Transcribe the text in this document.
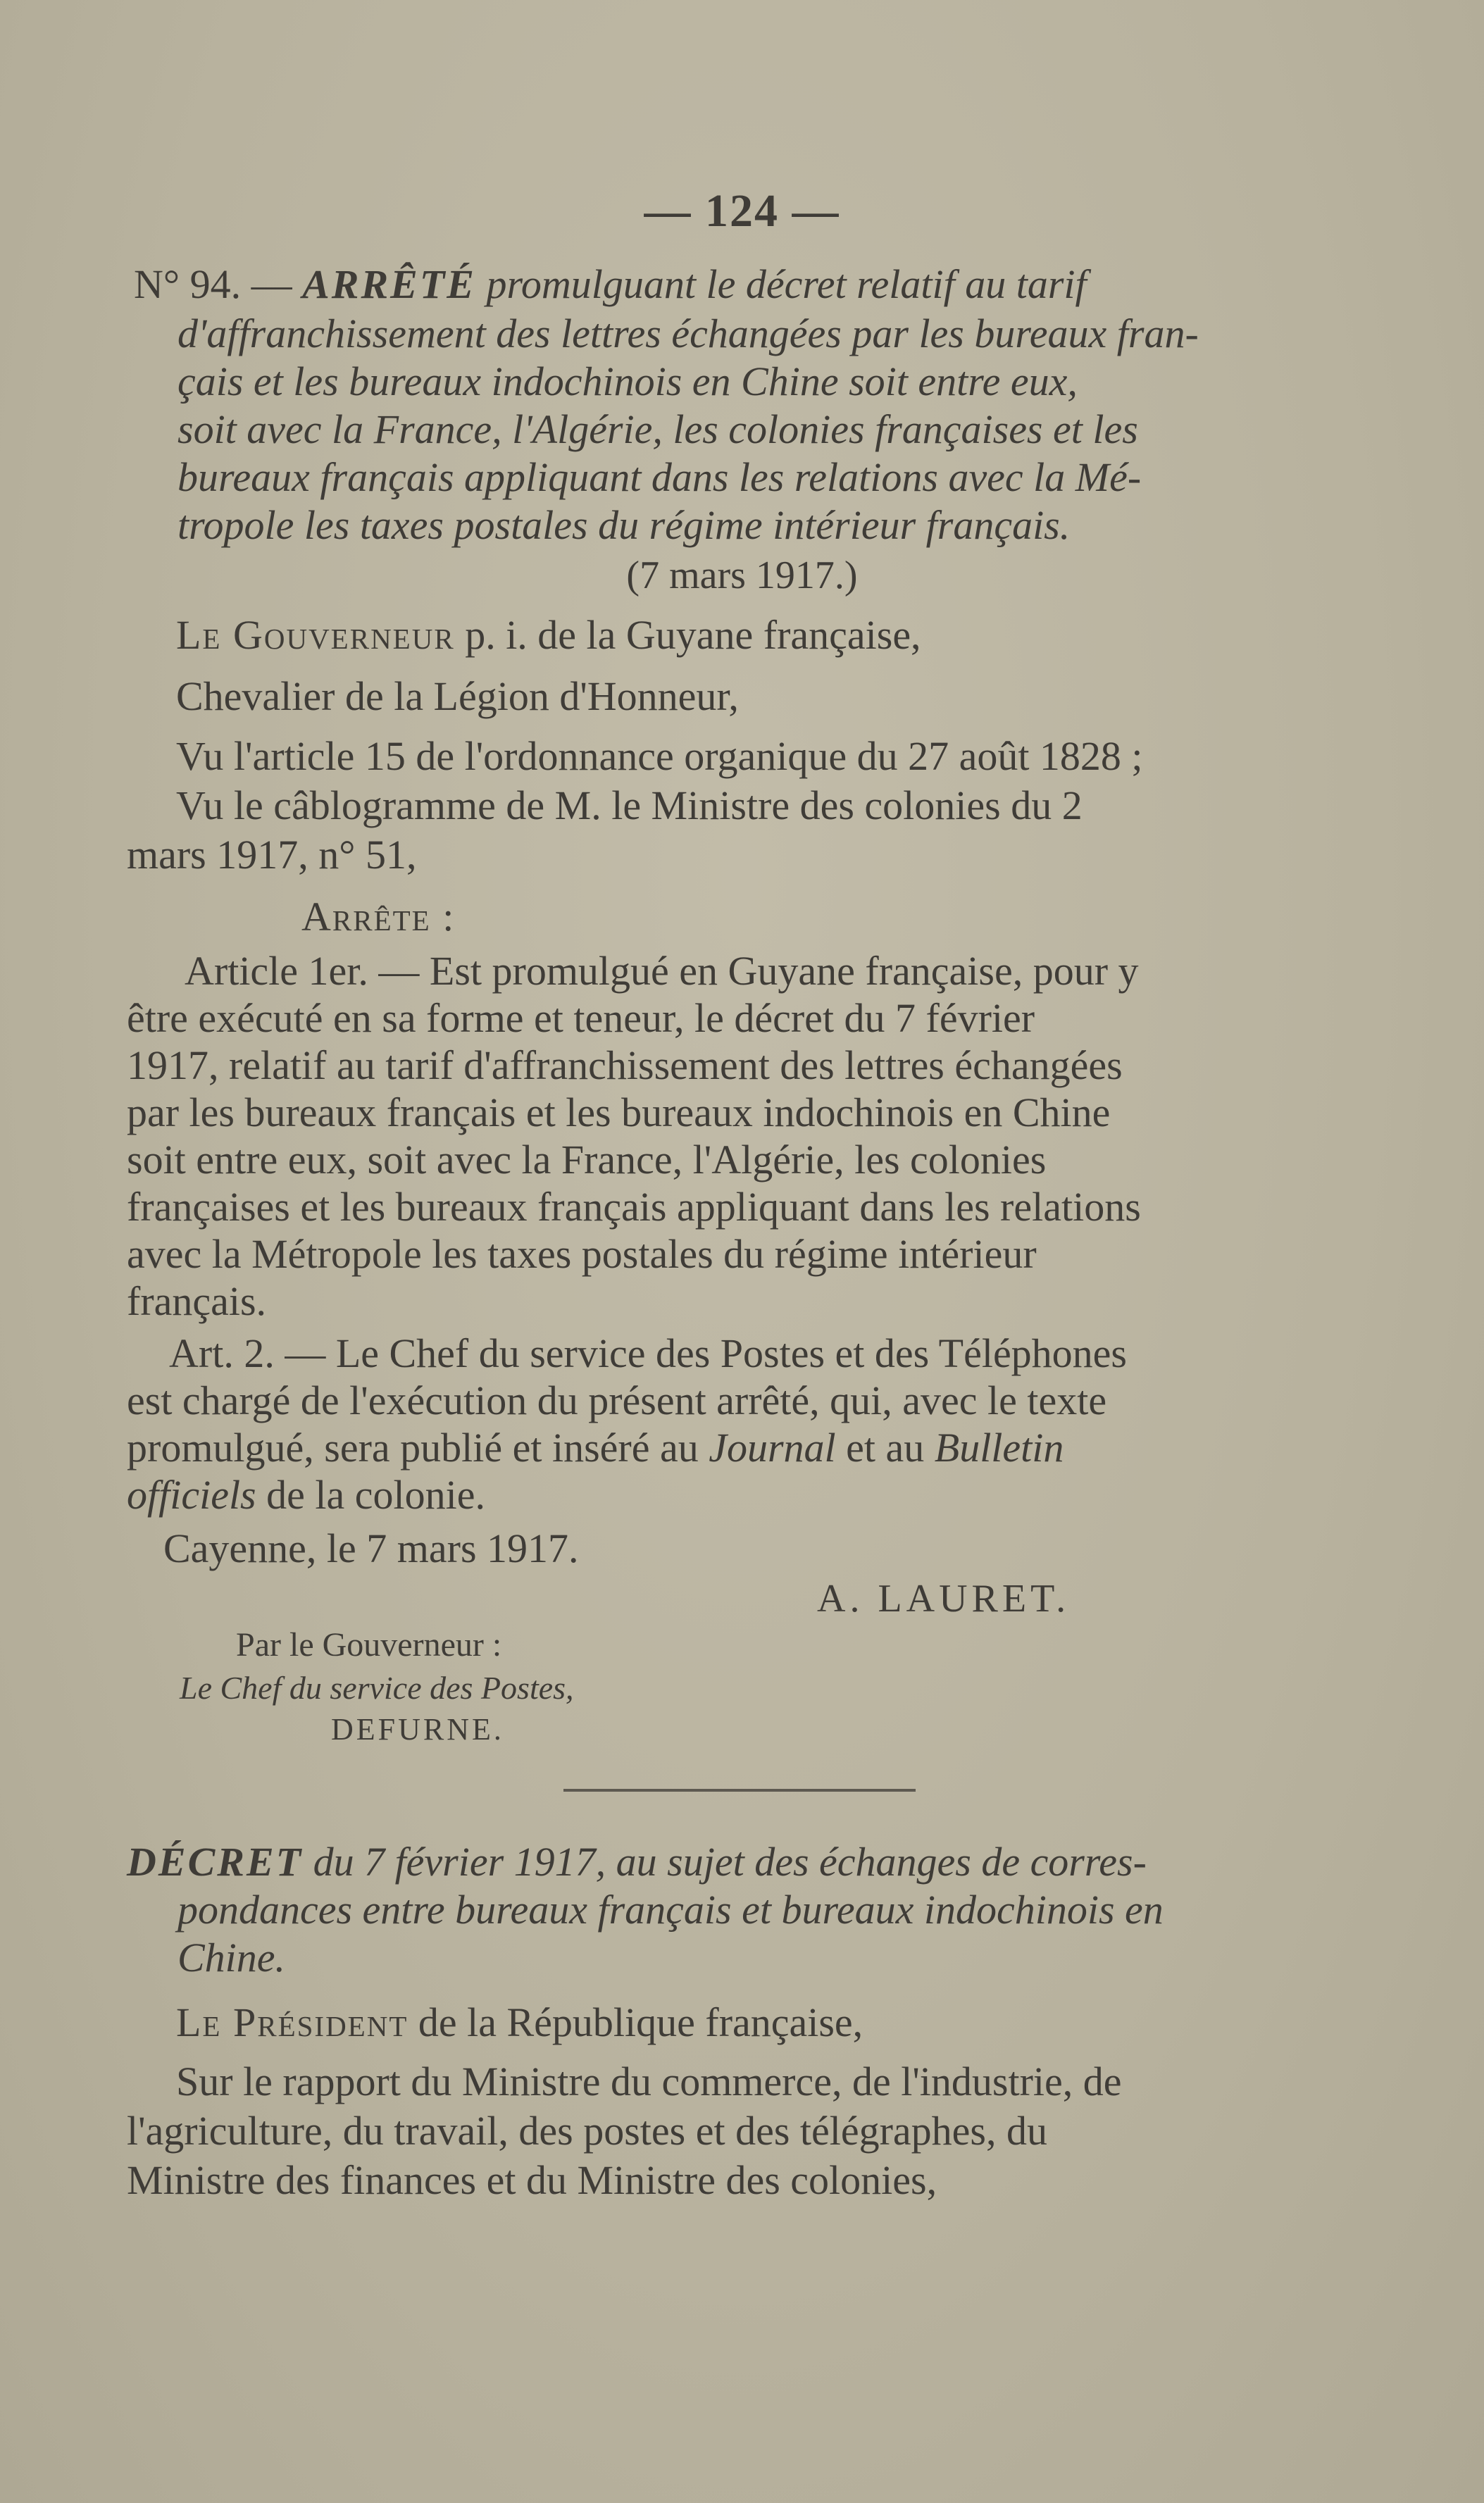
— 124 —
N° 94. — ARRÊTÉ promulguant le décret relatif au tarif
d'affranchissement des lettres échangées par les bureaux fran-
çais et les bureaux indochinois en Chine soit entre eux,
soit avec la France, l'Algérie, les colonies françaises et les
bureaux français appliquant dans les relations avec la Mé-
tropole les taxes postales du régime intérieur français.
(7 mars 1917.)
Le Gouverneur p. i. de la Guyane française,
Chevalier de la Légion d'Honneur,
Vu l'article 15 de l'ordonnance organique du 27 août 1828 ;
Vu le câblogramme de M. le Ministre des colonies du 2
mars 1917, n° 51,
Arrête :
Article 1er. — Est promulgué en Guyane française, pour y
être exécuté en sa forme et teneur, le décret du 7 février
1917, relatif au tarif d'affranchissement des lettres échangées
par les bureaux français et les bureaux indochinois en Chine
soit entre eux, soit avec la France, l'Algérie, les colonies
françaises et les bureaux français appliquant dans les relations
avec la Métropole les taxes postales du régime intérieur
français.
Art. 2. — Le Chef du service des Postes et des Téléphones
est chargé de l'exécution du présent arrêté, qui, avec le texte
promulgué, sera publié et inséré au Journal et au Bulletin
officiels de la colonie.
Cayenne, le 7 mars 1917.
A. LAURET.
Par le Gouverneur :
Le Chef du service des Postes,
DEFURNE.
DÉCRET du 7 février 1917, au sujet des échanges de corres-
pondances entre bureaux français et bureaux indochinois en
Chine.
Le Président de la République française,
Sur le rapport du Ministre du commerce, de l'industrie, de
l'agriculture, du travail, des postes et des télégraphes, du
Ministre des finances et du Ministre des colonies,
